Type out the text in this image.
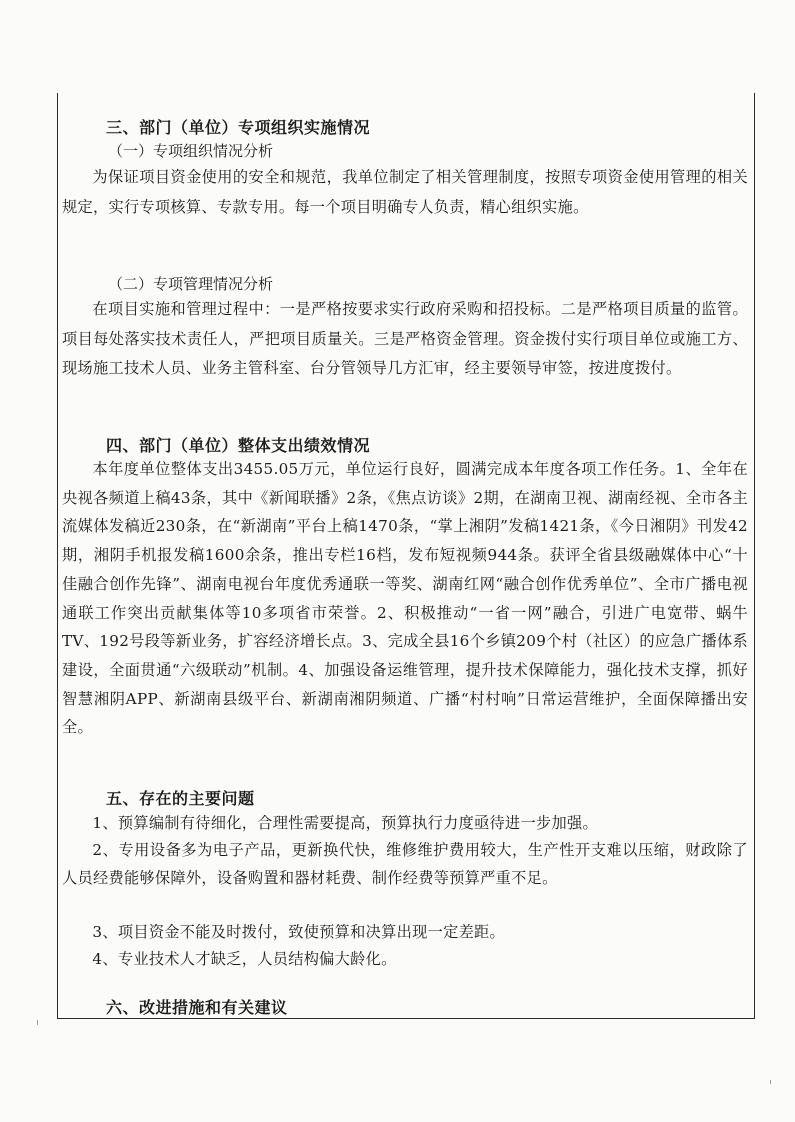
三、部门（单位）专项组织实施情况
（一）专项组织情况分析
为保证项目资金使用的安全和规范，我单位制定了相关管理制度，按照专项资金使用管理的相关规定，实行专项核算、专款专用。每一个项目明确专人负责，精心组织实施。
（二）专项管理情况分析
在项目实施和管理过程中：一是严格按要求实行政府采购和招投标。二是严格项目质量的监管。项目每处落实技术责任人，严把项目质量关。三是严格资金管理。资金拨付实行项目单位或施工方、现场施工技术人员、业务主管科室、台分管领导几方汇审，经主要领导审签，按进度拨付。
四、部门（单位）整体支出绩效情况
本年度单位整体支出3455.05万元，单位运行良好，圆满完成本年度各项工作任务。1、全年在央视各频道上稿43条，其中《新闻联播》2条，《焦点访谈》2期，在湖南卫视、湖南经视、全市各主流媒体发稿近230条，在“新湖南”平台上稿1470条，“掌上湘阴”发稿1421条，《今日湘阴》刊发42期，湘阴手机报发稿1600余条，推出专栏16档，发布短视频944条。获评全省县级融媒体中心“十佳融合创作先锋”、湖南电视台年度优秀通联一等奖、湖南红网“融合创作优秀单位”、全市广播电视通联工作突出贡献集体等10多项省市荣誉。2、积极推动“一省一网”融合，引进广电宽带、蜗牛TV、192号段等新业务，扩容经济增长点。3、完成全县16个乡镇209个村（社区）的应急广播体系建设，全面贯通“六级联动”机制。4、加强设备运维管理，提升技术保障能力，强化技术支撑，抓好智慧湘阴APP、新湖南县级平台、新湖南湘阴频道、广播“村村响”日常运营维护，全面保障播出安全。
五、存在的主要问题
1、预算编制有待细化，合理性需要提高，预算执行力度亟待进一步加强。
2、专用设备多为电子产品，更新换代快，维修维护费用较大，生产性开支难以压缩，财政除了人员经费能够保障外，设备购置和器材耗费、制作经费等预算严重不足。
3、项目资金不能及时拨付，致使预算和决算出现一定差距。
4、专业技术人才缺乏，人员结构偏大龄化。
六、改进措施和有关建议
